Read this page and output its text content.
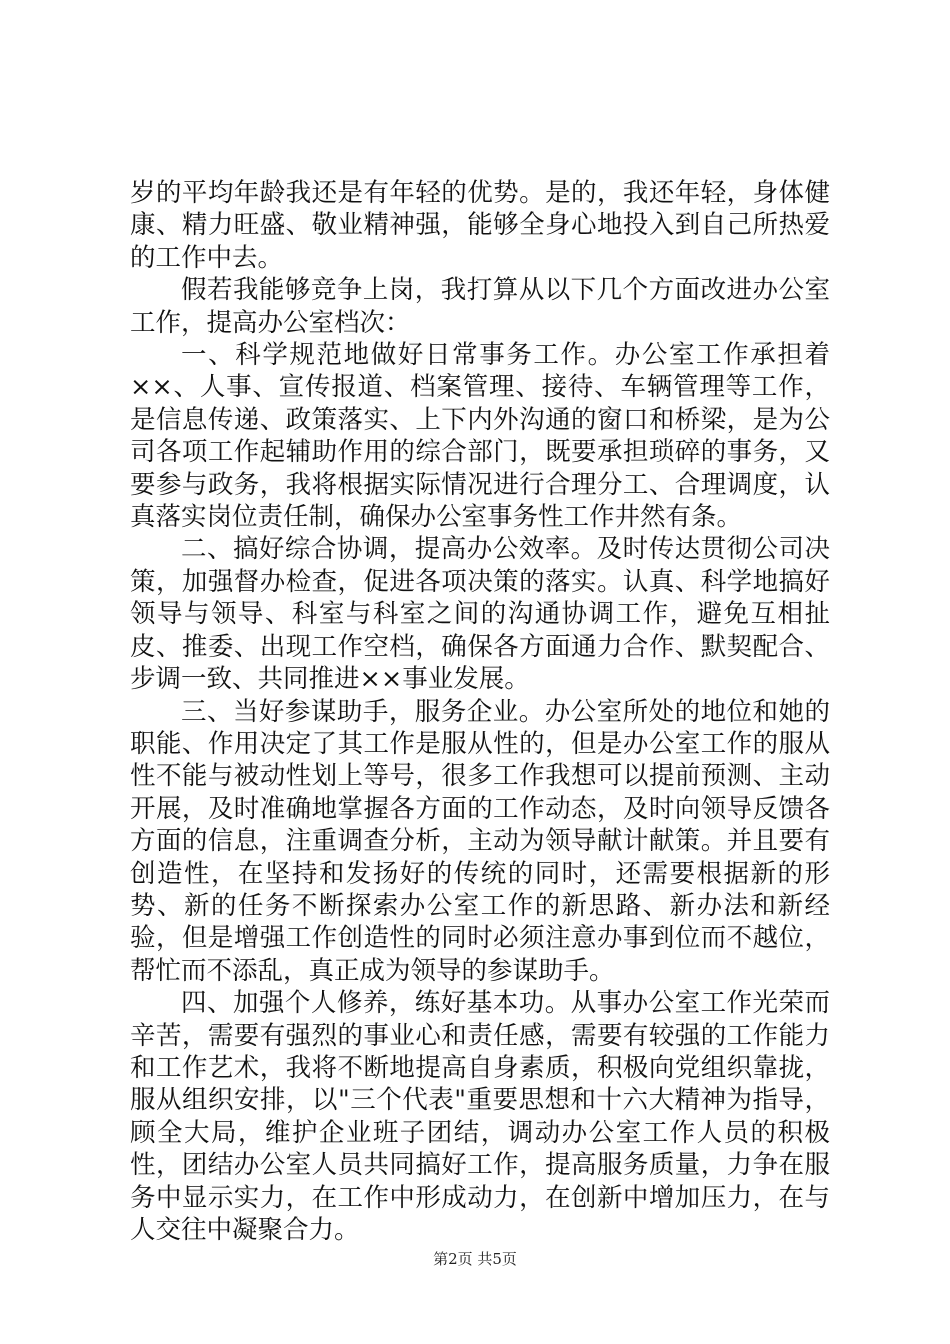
岁的平均年龄我还是有年轻的优势。是的，我还年轻，身体健康、精力旺盛、敬业精神强，能够全身心地投入到自己所热爱的工作中去。

假若我能够竞争上岗，我打算从以下几个方面改进办公室工作，提高办公室档次：

一、科学规范地做好日常事务工作。办公室工作承担着××、人事、宣传报道、档案管理、接待、车辆管理等工作，是信息传递、政策落实、上下内外沟通的窗口和桥梁，是为公司各项工作起辅助作用的综合部门，既要承担琐碎的事务，又要参与政务，我将根据实际情况进行合理分工、合理调度，认真落实岗位责任制，确保办公室事务性工作井然有条。

二、搞好综合协调，提高办公效率。及时传达贯彻公司决策，加强督办检查，促进各项决策的落实。认真、科学地搞好领导与领导、科室与科室之间的沟通协调工作，避免互相扯皮、推委、出现工作空档，确保各方面通力合作、默契配合、步调一致、共同推进××事业发展。

三、当好参谋助手，服务企业。办公室所处的地位和她的职能、作用决定了其工作是服从性的，但是办公室工作的服从性不能与被动性划上等号，很多工作我想可以提前预测、主动开展，及时准确地掌握各方面的工作动态，及时向领导反馈各方面的信息，注重调查分析，主动为领导献计献策。并且要有创造性，在坚持和发扬好的传统的同时，还需要根据新的形势、新的任务不断探索办公室工作的新思路、新办法和新经验，但是增强工作创造性的同时必须注意办事到位而不越位，帮忙而不添乱，真正成为领导的参谋助手。

四、加强个人修养，练好基本功。从事办公室工作光荣而辛苦，需要有强烈的事业心和责任感，需要有较强的工作能力和工作艺术，我将不断地提高自身素质，积极向党组织靠拢，服从组织安排，以"三个代表"重要思想和十六大精神为指导，顾全大局，维护企业班子团结，调动办公室工作人员的积极性，团结办公室人员共同搞好工作，提高服务质量，力争在服务中显示实力，在工作中形成动力，在创新中增加压力，在与人交往中凝聚合力。

第2页 共5页
